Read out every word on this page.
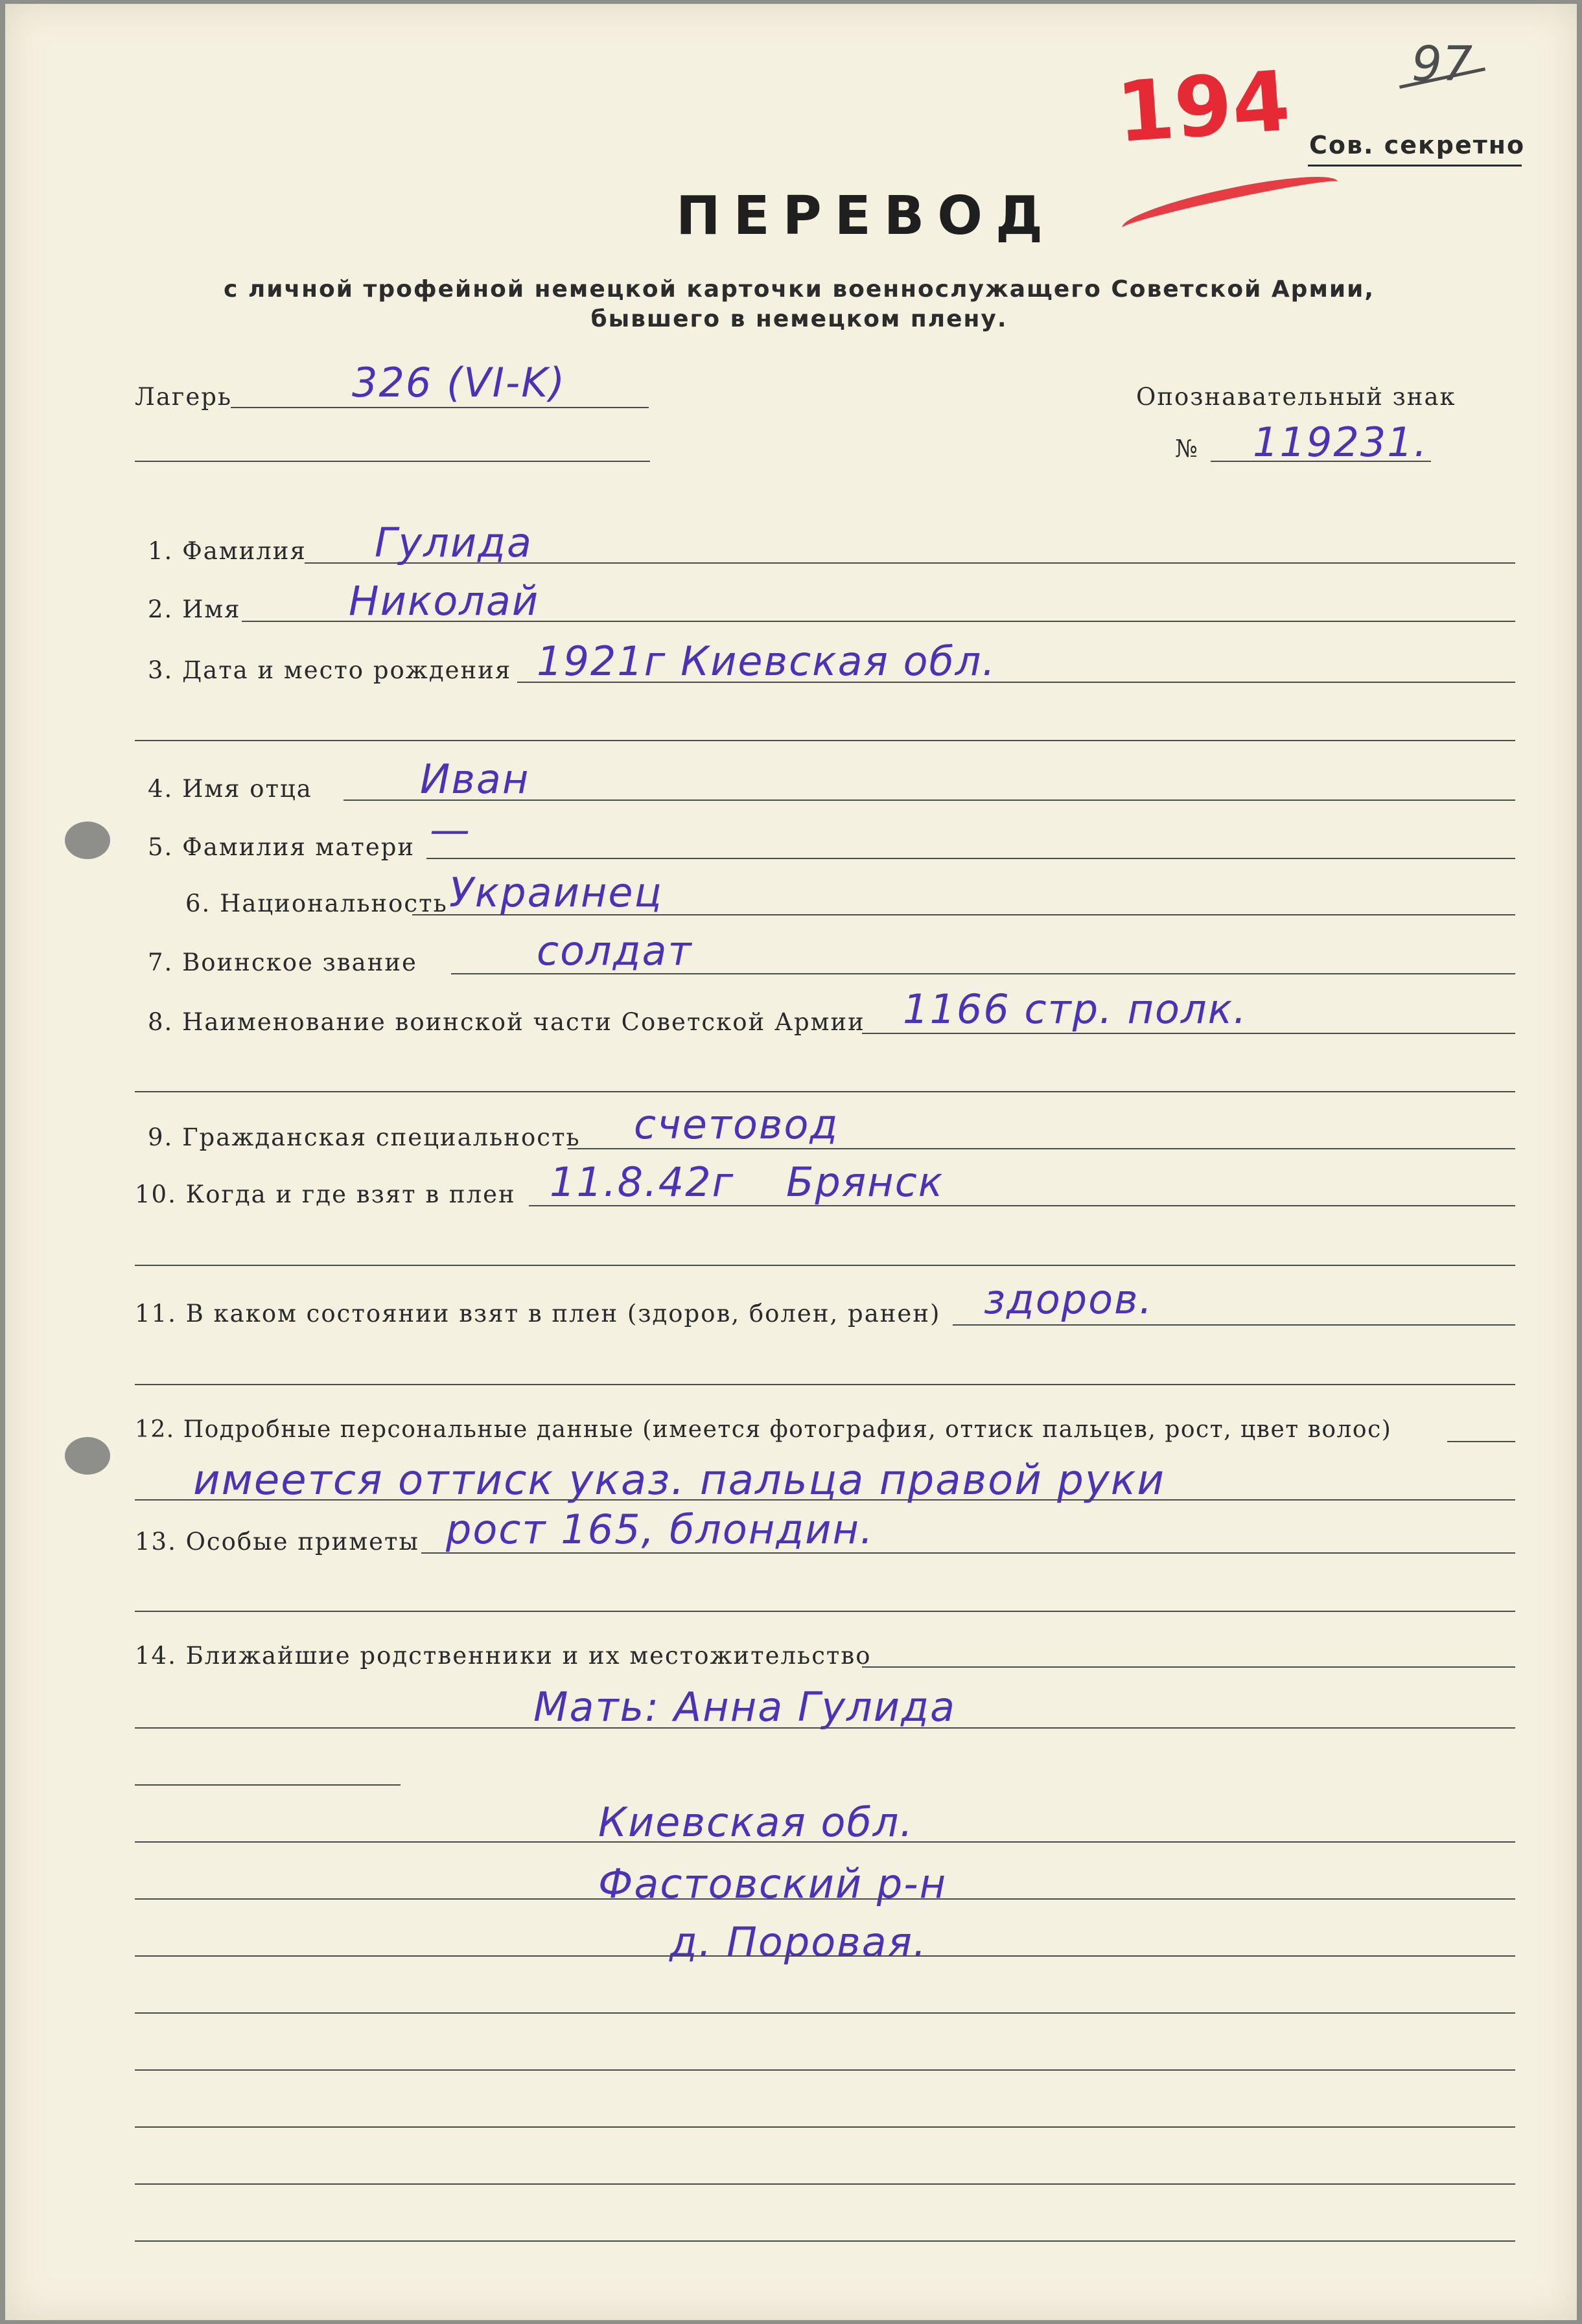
97
194 Сов. секретно
ПЕРЕВОД
с личной трофейной немецкой карточки военнослужащего Советской Армии,
бывшего в немецком плену.
Лагерь	326 (VI-K)	Опознавательный знак
№ 119231.
1. Фамилия Гулида
2. Имя	Николай
3. Дата и место рождения 1921г Киевская обл.
4. Имя отца	Иван
5. Фамилия матери —
6. Национальность Украинец
7. Воинское звание	солдат
8. Наименование воинской части Советской Армии 1166 стр. полк.
9. Гражданская специальность счетовод
10. Когда и где взят в плен 11.8.42г Брянск
11. В каком состоянии взят в плен (здоров, болен, ранен) здоров.
12. Подробные персональные данные (имеется фотография, оттиск пальцев, рост, цвет волос)
имеется оттиск указ. пальца правой руки
13. Особые приметы рост 165, блондин.
14. Ближайшие родственники и их местожительство
Мать: Анна Гулида
Киевская обл.
Фастовский р-н
д. Поровая.
